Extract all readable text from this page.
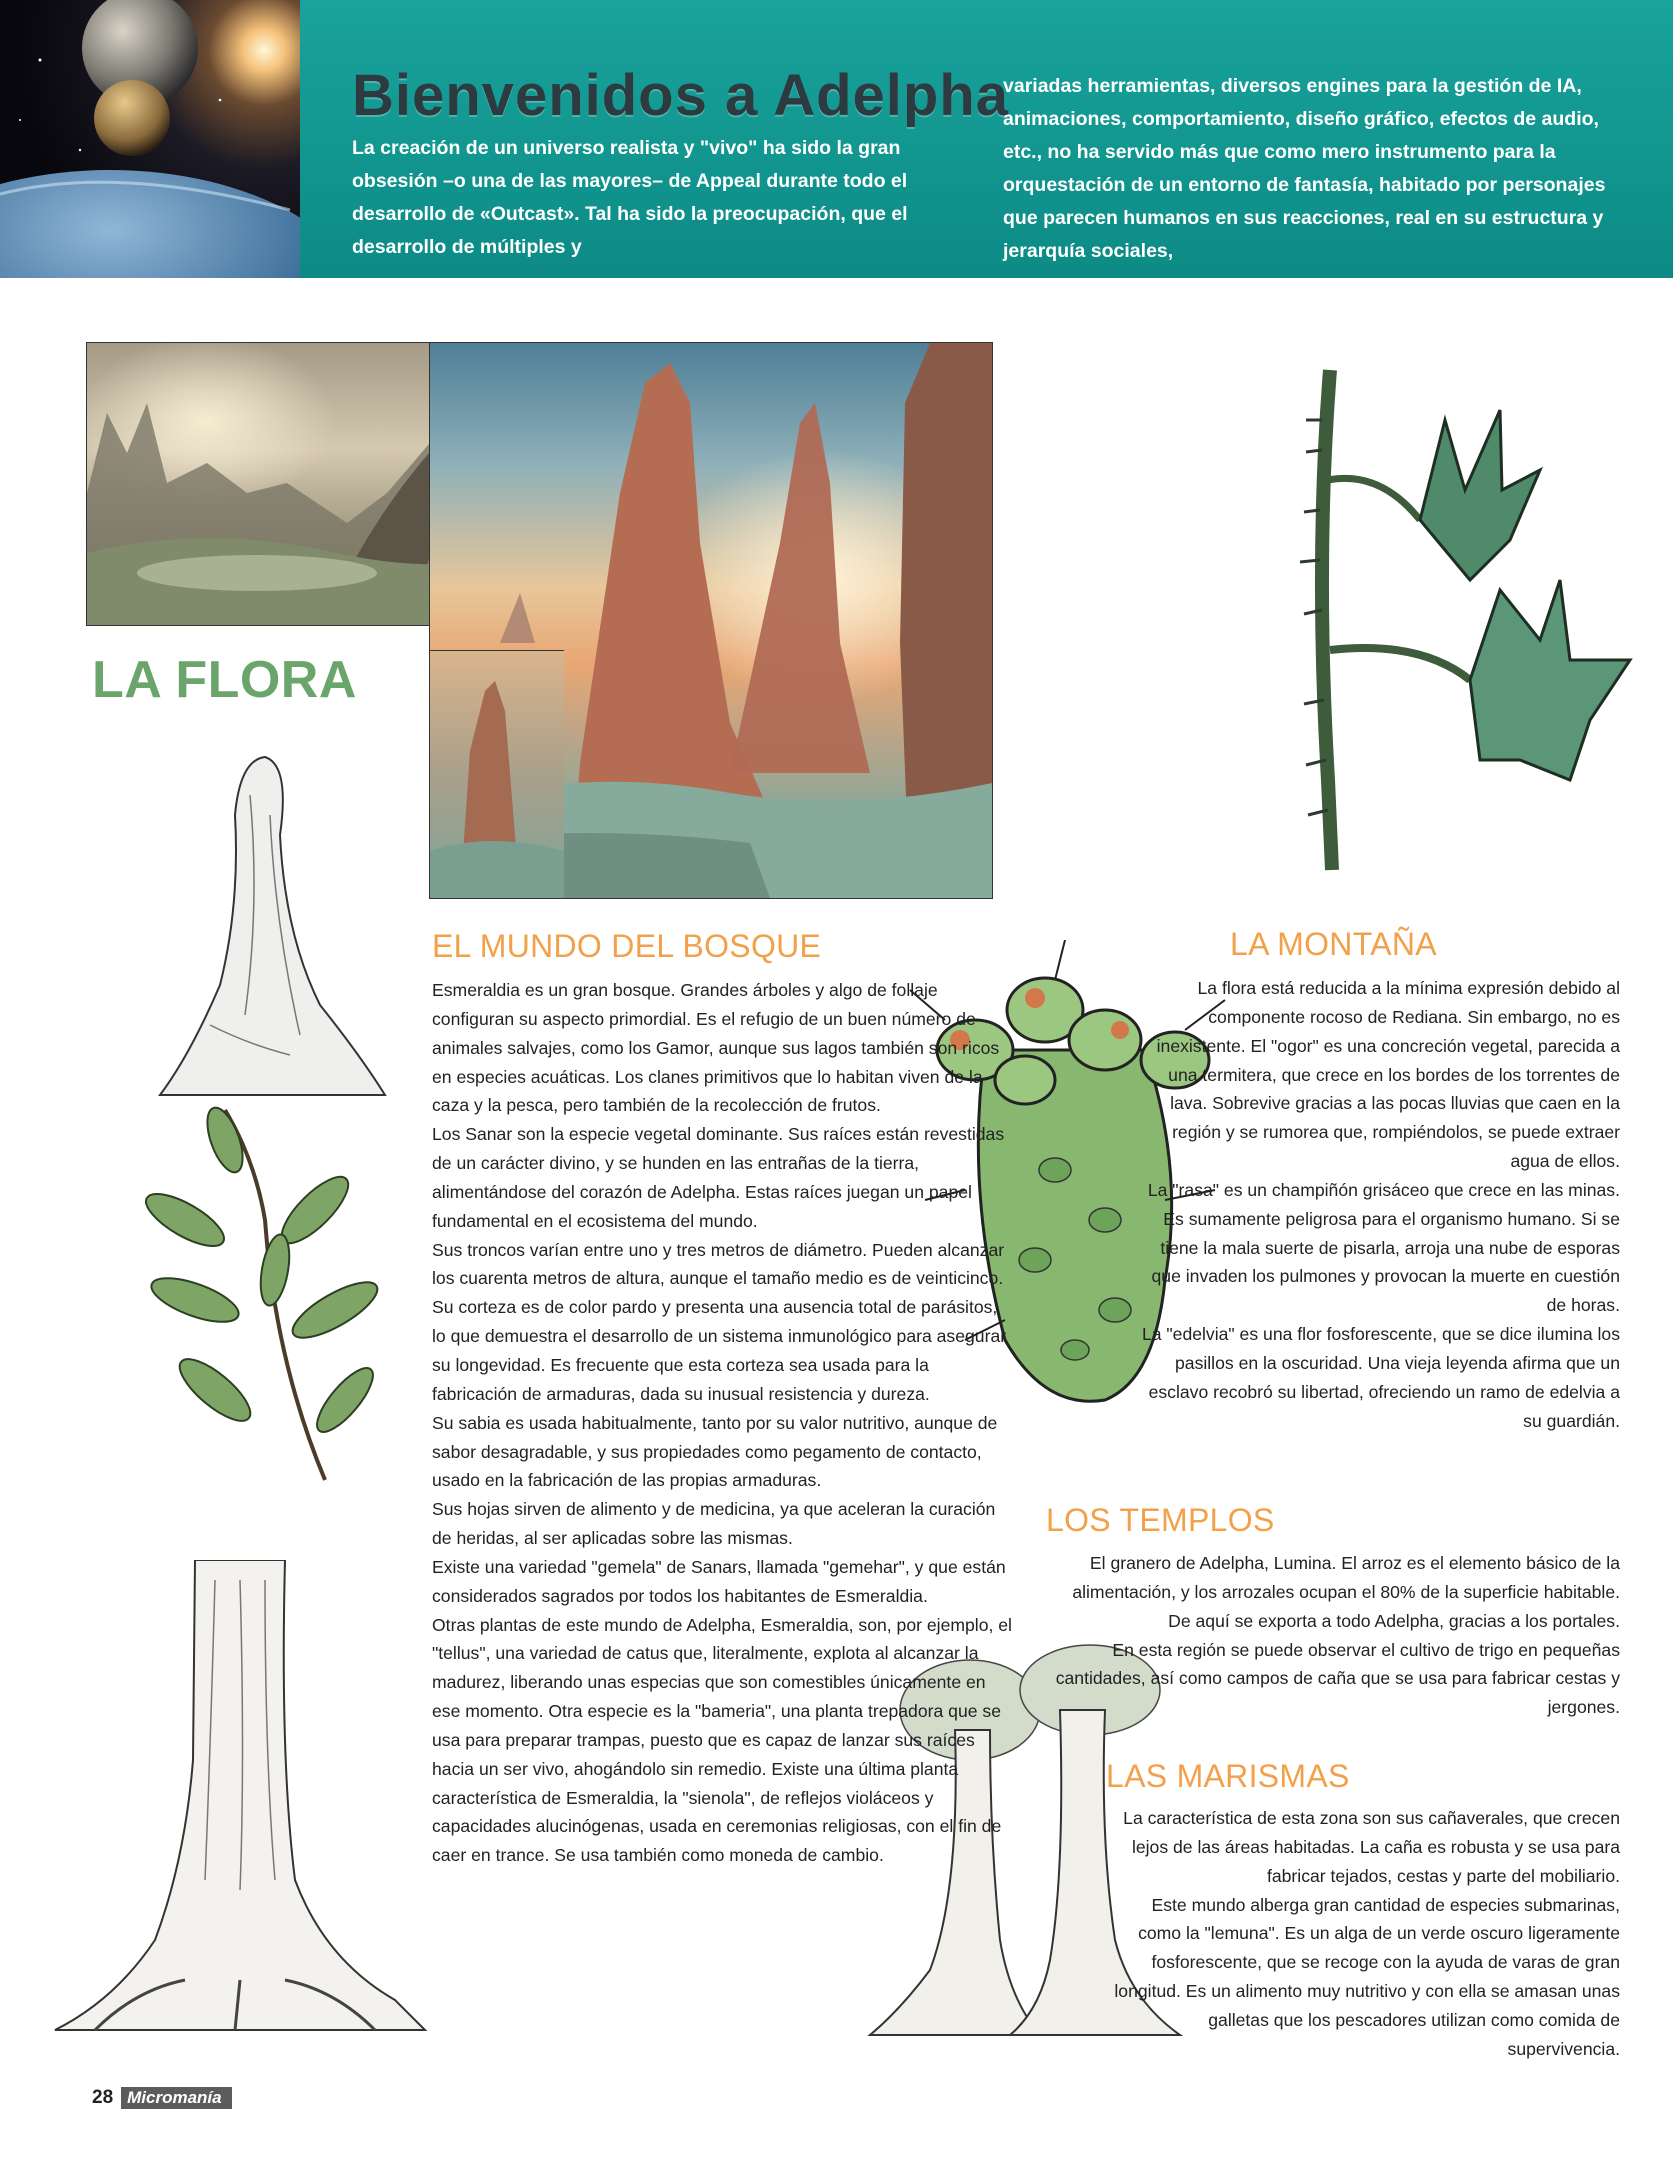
Bienvenidos a Adelpha
La creación de un universo realista y "vivo" ha sido la gran obsesión –o una de las mayores– de Appeal durante todo el desarrollo de «Outcast». Tal ha sido la preocupación, que el desarrollo de múltiples y
variadas herramientas, diversos engines para la gestión de IA, animaciones, comportamiento, diseño gráfico, efectos de audio, etc., no ha servido más que como mero instrumento para la orquestación de un entorno de fantasía, habitado por personajes que parecen humanos en sus reacciones, real en su estructura y jerarquía sociales,
LA FLORA
EL MUNDO DEL BOSQUE	LA MONTAÑA
LOS TEMPLOS
LAS MARISMAS

Esmeraldia es un gran bosque. Grandes árboles y algo de follaje configuran su aspecto primordial. Es el refugio de un buen número de animales salvajes, como los Gamor, aunque sus lagos también son ricos en especies acuáticas. Los clanes primitivos que lo habitan viven de la caza y la pesca, pero también de la recolección de frutos.

Los Sanar son la especie vegetal dominante. Sus raíces están revestidas de un carácter divino, y se hunden en las entrañas de la tierra, alimentándose del corazón de Adelpha. Estas raíces juegan un papel fundamental en el ecosistema del mundo.

Sus troncos varían entre uno y tres metros de diámetro. Pueden alcanzar los cuarenta metros de altura, aunque el tamaño medio es de veinticinco. Su corteza es de color pardo y presenta una ausencia total de parásitos, lo que demuestra el desarrollo de un sistema inmunológico para asegurar su longevidad. Es frecuente que esta corteza sea usada para la fabricación de armaduras, dada su inusual resistencia y dureza.

Su sabia es usada habitualmente, tanto por su valor nutritivo, aunque de sabor desagradable, y sus propiedades como pegamento de contacto, usado en la fabricación de las propias armaduras.

Sus hojas sirven de alimento y de medicina, ya que aceleran la curación de heridas, al ser aplicadas sobre las mismas.

Existe una variedad "gemela" de Sanars, llamada "gemehar", y que están considerados sagrados por todos los habitantes de Esmeraldia.

Otras plantas de este mundo de Adelpha, Esmeraldia, son, por ejemplo, el "tellus", una variedad de catus que, literalmente, explota al alcanzar la madurez, liberando unas especias que son comestibles únicamente en ese momento. Otra especie es la "bameria", una planta trepadora que se usa para preparar trampas, puesto que es capaz de lanzar sus raíces hacia un ser vivo, ahogándolo sin remedio. Existe una última planta característica de Esmeraldia, la "sienola", de reflejos violáceos y capacidades alucinógenas, usada en ceremonias religiosas, con el fin de caer en trance. Se usa también como moneda de cambio.

La flora está reducida a la mínima expresión debido al componente rocoso de Rediana. Sin embargo, no es inexistente. El "ogor" es una concreción vegetal, parecida a una termitera, que crece en los bordes de los torrentes de lava. Sobrevive gracias a las pocas lluvias que caen en la región y se rumorea que, rompiéndolos, se puede extraer agua de ellos.

La "rasa" es un champiñón grisáceo que crece en las minas. Es sumamente peligrosa para el organismo humano. Si se tiene la mala suerte de pisarla, arroja una nube de esporas que invaden los pulmones y provocan la muerte en cuestión de horas.

La "edelvia" es una flor fosforescente, que se dice ilumina los pasillos en la oscuridad. Una vieja leyenda afirma que un esclavo recobró su libertad, ofreciendo un ramo de edelvia a su guardián.

El granero de Adelpha, Lumina. El arroz es el elemento básico de la alimentación, y los arrozales ocupan el 80% de la superficie habitable. De aquí se exporta a todo Adelpha, gracias a los portales.

En esta región se puede observar el cultivo de trigo en pequeñas cantidades, así como campos de caña que se usa para fabricar cestas y jergones.

La característica de esta zona son sus cañaverales, que crecen lejos de las áreas habitadas. La caña es robusta y se usa para fabricar tejados, cestas y parte del mobiliario.

Este mundo alberga gran cantidad de especies submarinas, como la "lemuna". Es un alga de un verde oscuro ligeramente fosforescente, que se recoge con la ayuda de varas de gran longitud. Es un alimento muy nutritivo y con ella se amasan unas galletas que los pescadores utilizan como comida de supervivencia.

28 Micromanía
